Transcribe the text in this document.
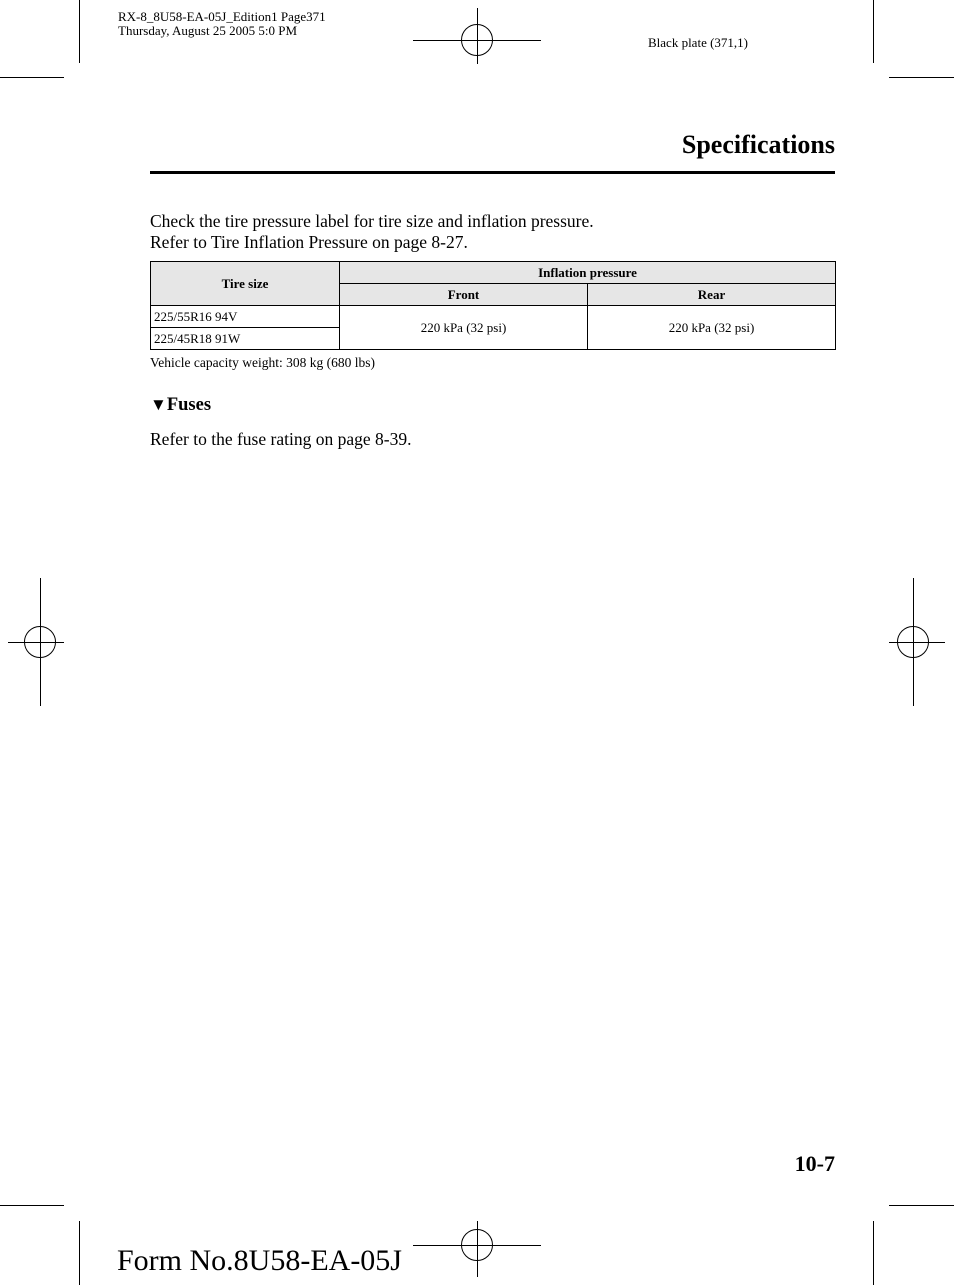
RX-8_8U58-EA-05J_Edition1 Page371
Thursday, August 25 2005 5:0 PM
Black plate (371,1)
Specifications
Check the tire pressure label for tire size and inflation pressure.
Refer to Tire Inflation Pressure on page 8-27.
Tire size	Inflation pressure	
	Front	Rear
225/55R16 94V	220 kPa (32 psi)	220 kPa (32 psi)
225/45R18 91W		
Vehicle capacity weight: 308 kg (680 lbs)
▼Fuses
Refer to the fuse rating on page 8-39.
10-7
Form No.8U58-EA-05J
